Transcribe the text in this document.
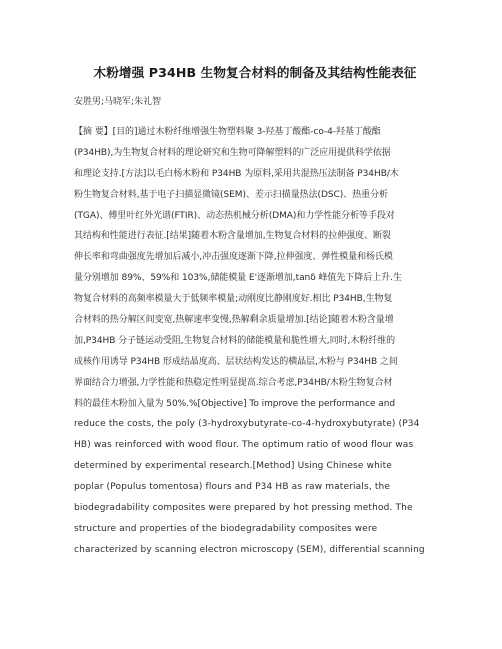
木粉增强 P34HB 生物复合材料的制备及其结构性能表征
安胜男;马晓军;朱礼智
【摘 要】[目的]通过木粉纤维增强生物塑料聚 3-羟基丁酸酯-co-4-羟基丁酸酯
(P34HB),为生物复合材料的理论研究和生物可降解塑料的广泛应用提供科学依据
和理论支持.[方法]以毛白杨木粉和 P34HB 为原料,采用共混热压法制备 P34HB/木
粉生物复合材料,基于电子扫描显微镜(SEM)、差示扫描量热法(DSC)、热重分析
(TGA)、傅里叶红外光谱(FTIR)、动态热机械分析(DMA)和力学性能分析等手段对
其结构和性能进行表征.[结果]随着木粉含量增加,生物复合材料的拉伸强度、断裂
伸长率和弯曲强度先增加后减小,冲击强度逐渐下降,拉伸强度、弹性模量和杨氏模
量分别增加 89%、59%和 103%,储能模量 E'逐渐增加,tanδ 峰值先下降后上升.生
物复合材料的高频率模量大于低频率模量;动刚度比静刚度好.相比 P34HB,生物复
合材料的热分解区间变宽,热解速率变慢,热解剩余质量增加.[结论]随着木粉含量增
加,P34HB 分子链运动受阻,生物复合材料的储能模量和脆性增大,同时,木粉纤维的
成核作用诱导 P34HB 形成结晶度高、层状结构发达的横晶层,木粉与 P34HB 之间
界面结合力增强,力学性能和热稳定性明显提高.综合考虑,P34HB/木粉生物复合材
料的最佳木粉加入量为 50%.%[Objective] To improve the performance and
reduce the costs, the poly (3-hydroxybutyrate-co-4-hydroxybutyrate) (P34
HB) was reinforced with wood flour. The optimum ratio of wood flour was
determined by experimental research.[Method] Using Chinese white
poplar (Populus tomentosa) flours and P34 HB as raw materials, the
biodegradability composites were prepared by hot pressing method. The
structure and properties of the biodegradability composites were
characterized by scanning electron microscopy (SEM), differential scanning
